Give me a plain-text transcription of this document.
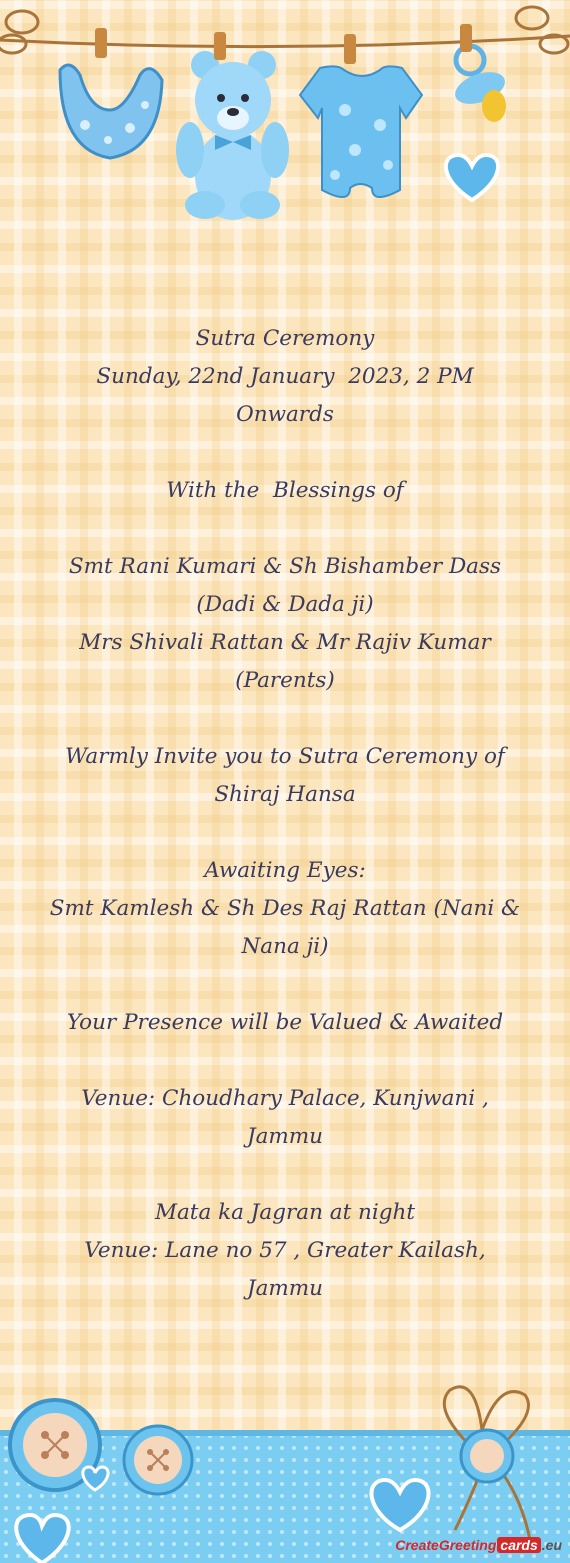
Sutra Ceremony
Sunday, 22nd January  2023, 2 PM
Onwards
With the  Blessings of
Smt Rani Kumari & Sh Bishamber Dass
(Dadi & Dada ji)
Mrs Shivali Rattan & Mr Rajiv Kumar
(Parents)
Warmly Invite you to Sutra Ceremony of
Shiraj Hansa
Awaiting Eyes:
Smt Kamlesh & Sh Des Raj Rattan (Nani &
Nana ji)
Your Presence will be Valued & Awaited
Venue: Choudhary Palace, Kunjwani ,
Jammu
Mata ka Jagran at night
Venue: Lane no 57 , Greater Kailash,
Jammu
CreateGreeting cards .eu
